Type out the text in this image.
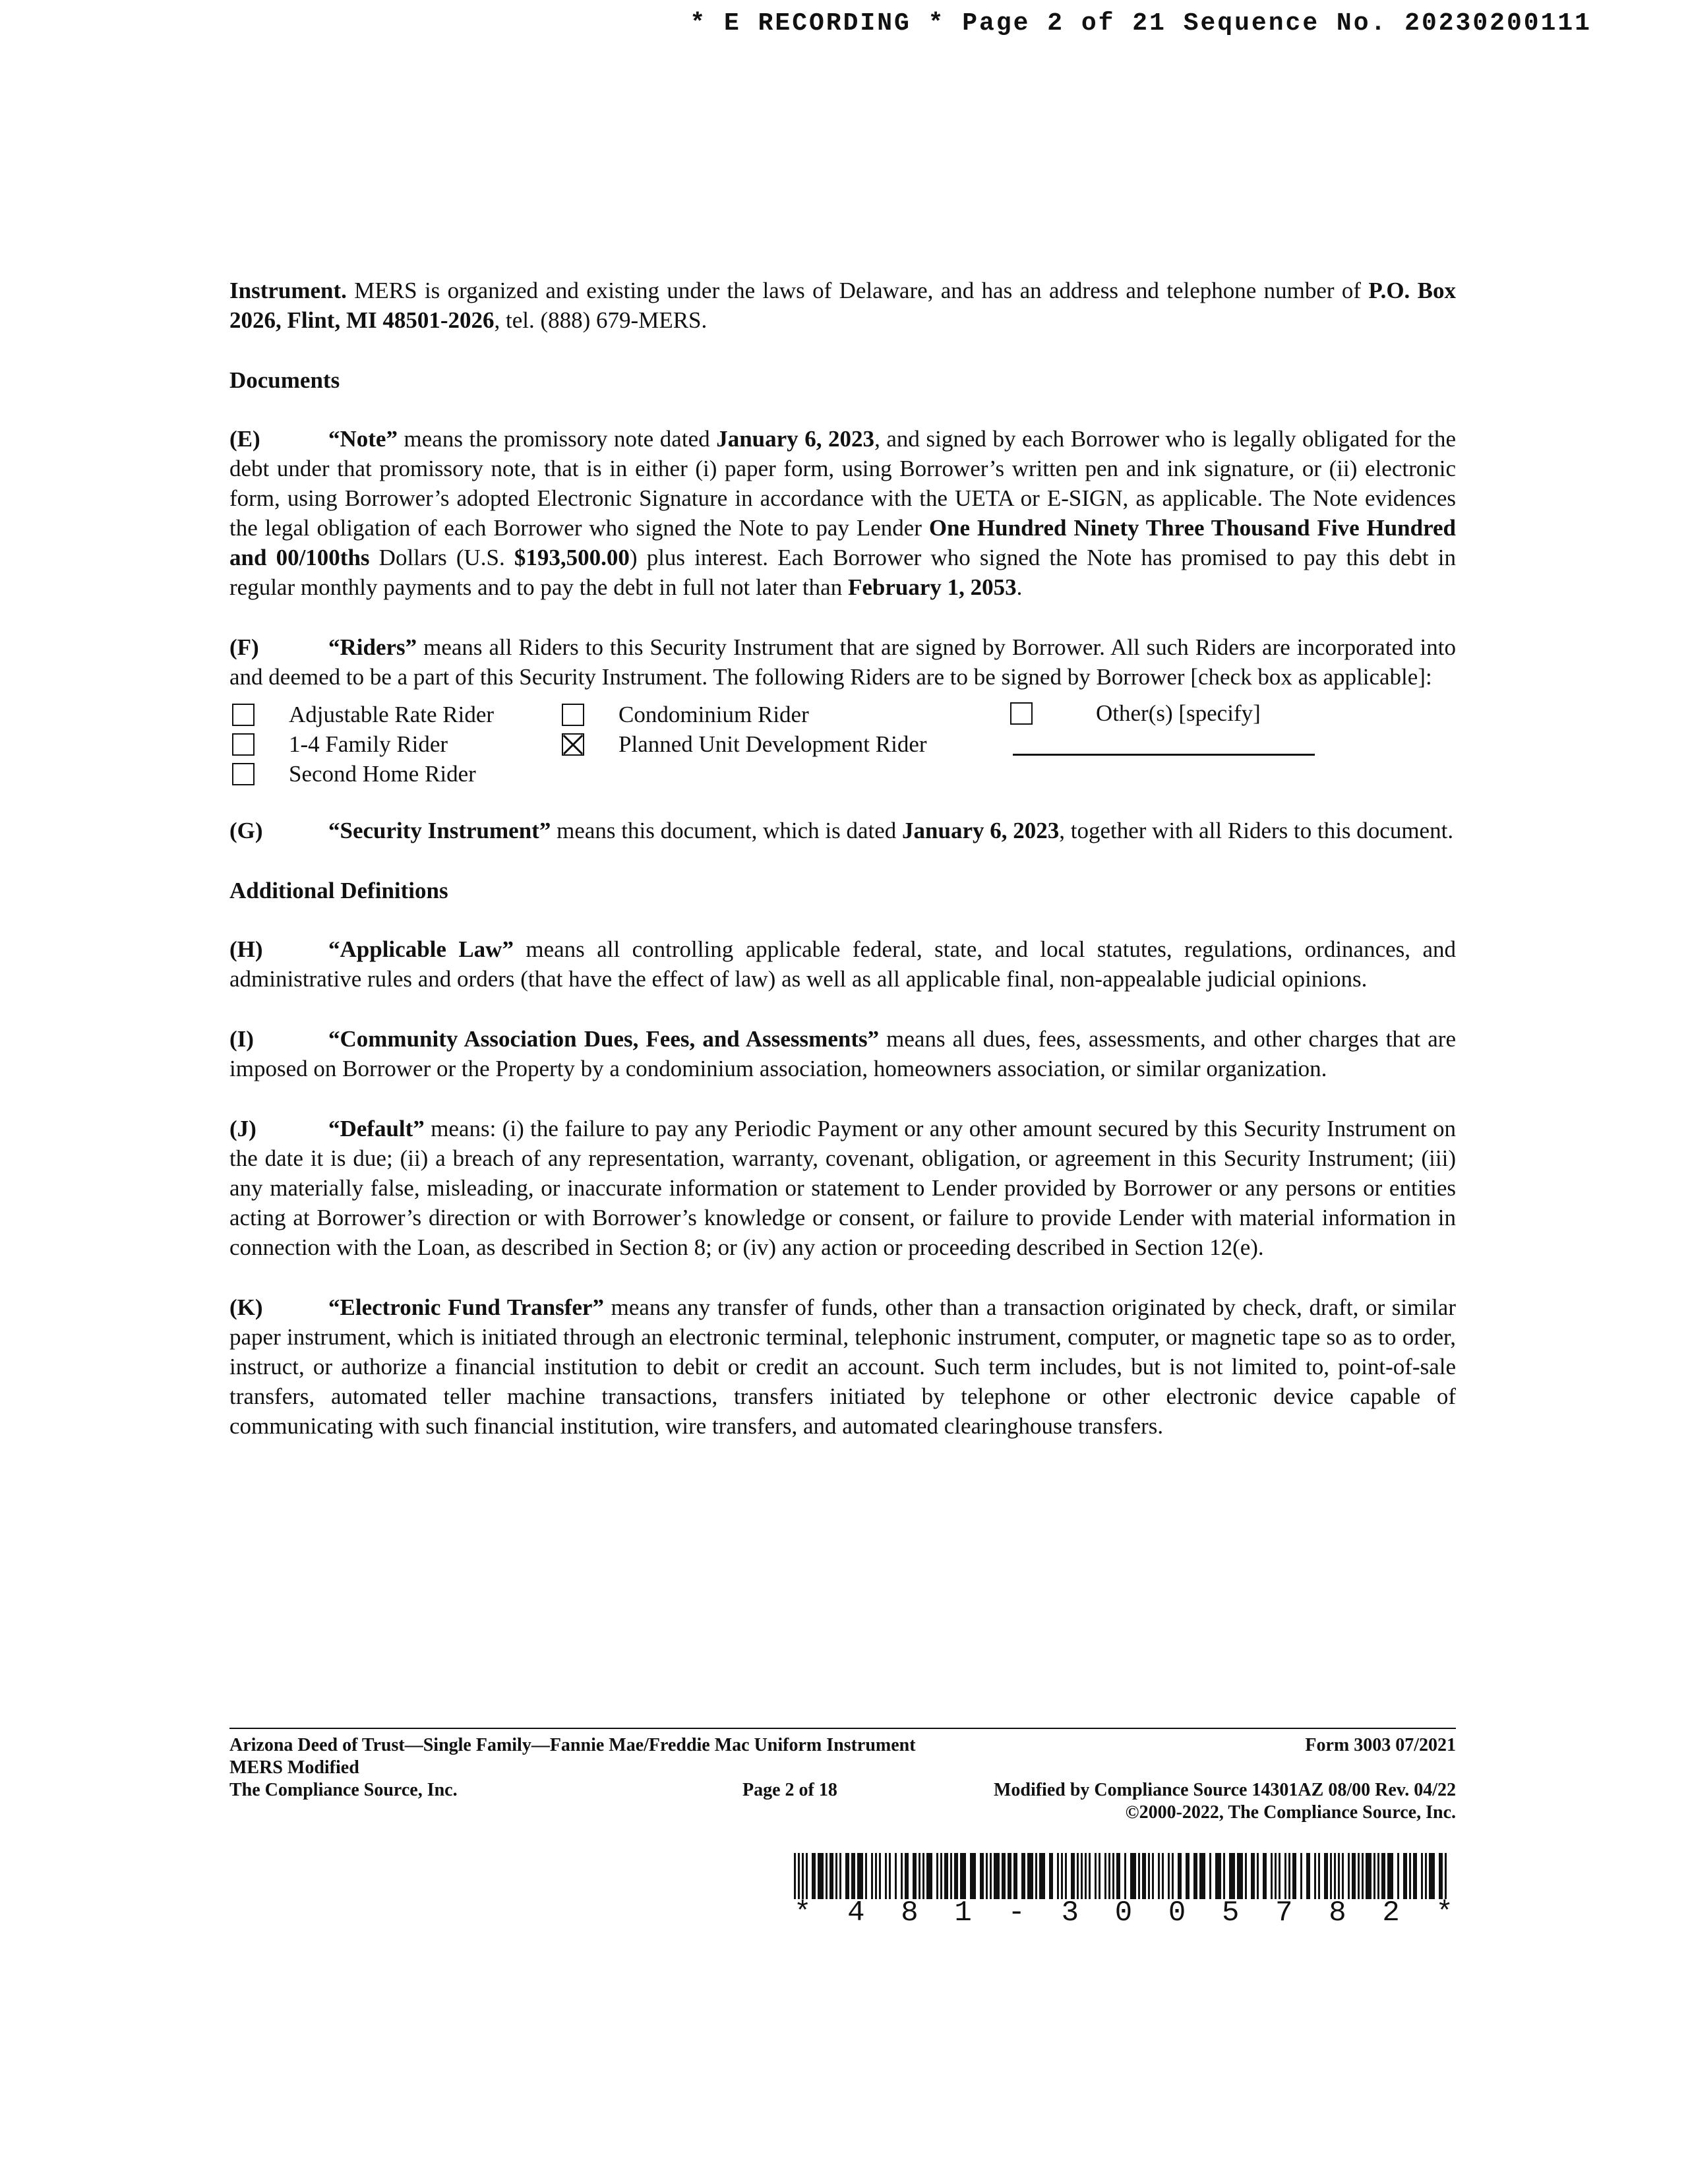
* E RECORDING * Page 2 of 21 Sequence No. 20230200111

Instrument. MERS is organized and existing under the laws of Delaware, and has an address and telephone number of P.O. Box 2026, Flint, MI 48501-2026, tel. (888) 679-MERS.

Documents

(E)	“Note” means the promissory note dated January 6, 2023, and signed by each Borrower who is legally obligated for the debt under that promissory note, that is in either (i) paper form, using Borrower’s written pen and ink signature, or (ii) electronic form, using Borrower’s adopted Electronic Signature in accordance with the UETA or E-SIGN, as applicable. The Note evidences the legal obligation of each Borrower who signed the Note to pay Lender One Hundred Ninety Three Thousand Five Hundred and 00/100ths Dollars (U.S. $193,500.00) plus interest. Each Borrower who signed the Note has promised to pay this debt in regular monthly payments and to pay the debt in full not later than February 1, 2053.

(F)	“Riders” means all Riders to this Security Instrument that are signed by Borrower. All such Riders are incorporated into and deemed to be a part of this Security Instrument. The following Riders are to be signed by Borrower [check box as applicable]:

Adjustable Rate Rider
1-4 Family Rider
Second Home Rider
Condominium Rider
Planned Unit Development Rider
Other(s) [specify]

(G)	“Security Instrument” means this document, which is dated January 6, 2023, together with all Riders to this document.

Additional Definitions

(H)	“Applicable Law” means all controlling applicable federal, state, and local statutes, regulations, ordinances, and administrative rules and orders (that have the effect of law) as well as all applicable final, non-appealable judicial opinions.

(I)	“Community Association Dues, Fees, and Assessments” means all dues, fees, assessments, and other charges that are imposed on Borrower or the Property by a condominium association, homeowners association, or similar organization.

(J)	“Default” means: (i) the failure to pay any Periodic Payment or any other amount secured by this Security Instrument on the date it is due; (ii) a breach of any representation, warranty, covenant, obligation, or agreement in this Security Instrument; (iii) any materially false, misleading, or inaccurate information or statement to Lender provided by Borrower or any persons or entities acting at Borrower’s direction or with Borrower’s knowledge or consent, or failure to provide Lender with material information in connection with the Loan, as described in Section 8; or (iv) any action or proceeding described in Section 12(e).

(K)	“Electronic Fund Transfer” means any transfer of funds, other than a transaction originated by check, draft, or similar paper instrument, which is initiated through an electronic terminal, telephonic instrument, computer, or magnetic tape so as to order, instruct, or authorize a financial institution to debit or credit an account. Such term includes, but is not limited to, point-of-sale transfers, automated teller machine transactions, transfers initiated by telephone or other electronic device capable of communicating with such financial institution, wire transfers, and automated clearinghouse transfers.

Arizona Deed of Trust—Single Family—Fannie Mae/Freddie Mac Uniform Instrument	Form 3003 07/2021
MERS Modified
The Compliance Source, Inc.	Page 2 of 18	Modified by Compliance Source 14301AZ 08/00 Rev. 04/22
©2000-2022, The Compliance Source, Inc.
* 4 8 1 - 3 0 0 5 7 8 2 *
